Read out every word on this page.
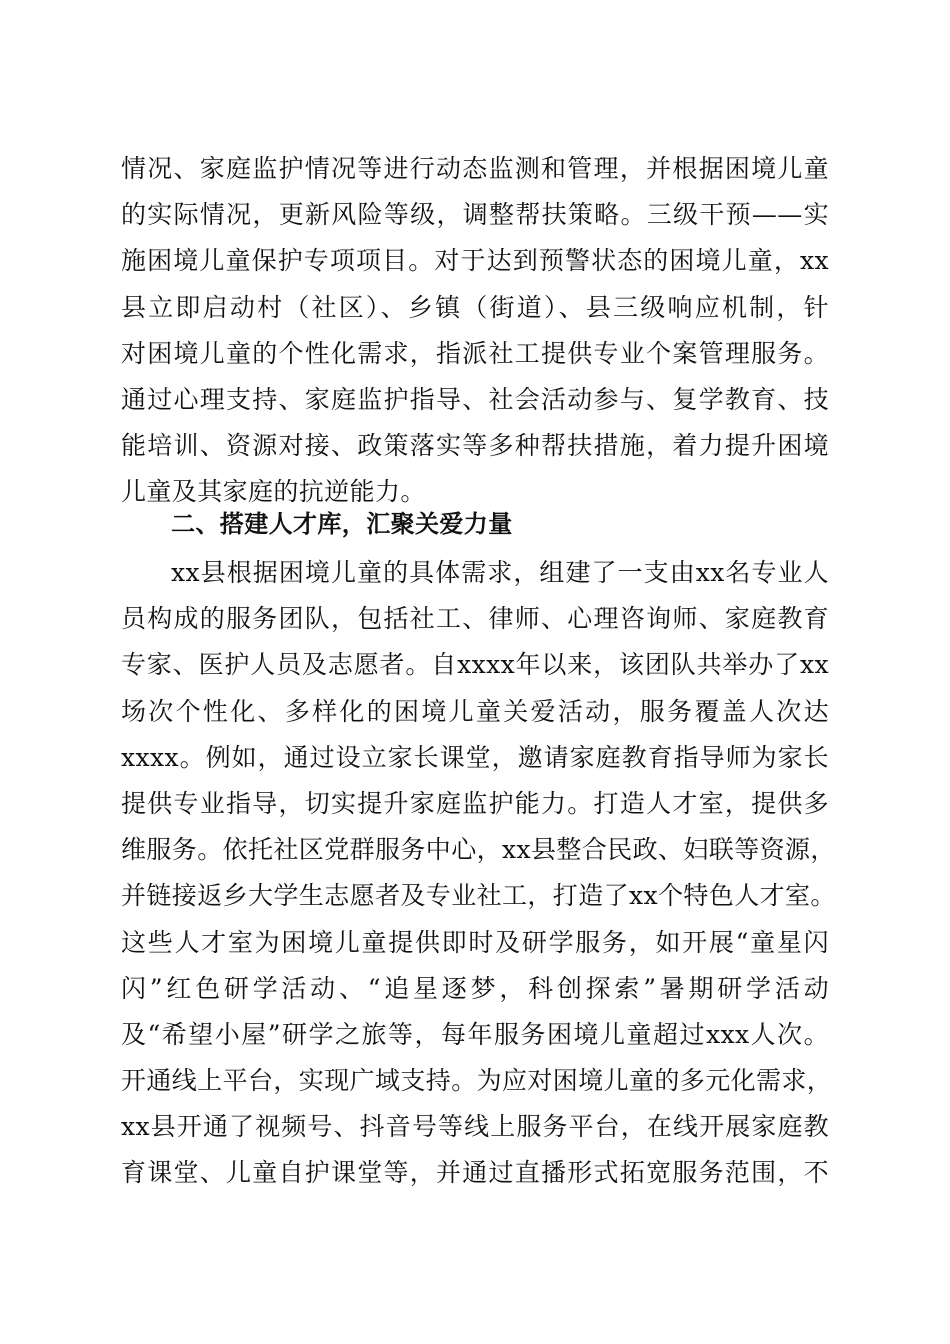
情况、家庭监护情况等进行动态监测和管理，并根据困境儿童
的实际情况，更新风险等级，调整帮扶策略。三级干预——实
施困境儿童保护专项项目。对于达到预警状态的困境儿童，xx
县立即启动村（社区）、乡镇（街道）、县三级响应机制，针
对困境儿童的个性化需求，指派社工提供专业个案管理服务。
通过心理支持、家庭监护指导、社会活动参与、复学教育、技
能培训、资源对接、政策落实等多种帮扶措施，着力提升困境
儿童及其家庭的抗逆能力。
二、搭建人才库，汇聚关爱力量
xx县根据困境儿童的具体需求，组建了一支由xx名专业人
员构成的服务团队，包括社工、律师、心理咨询师、家庭教育
专家、医护人员及志愿者。自xxxx年以来，该团队共举办了xx
场次个性化、多样化的困境儿童关爱活动，服务覆盖人次达
xxxx。例如，通过设立家长课堂，邀请家庭教育指导师为家长
提供专业指导，切实提升家庭监护能力。打造人才室，提供多
维服务。依托社区党群服务中心，xx县整合民政、妇联等资源，
并链接返乡大学生志愿者及专业社工，打造了xx个特色人才室。
这些人才室为困境儿童提供即时及研学服务，如开展“童星闪
闪”红色研学活动、“追星逐梦，科创探索”暑期研学活动
及“希望小屋”研学之旅等，每年服务困境儿童超过xxx人次。
开通线上平台，实现广域支持。为应对困境儿童的多元化需求，
xx县开通了视频号、抖音号等线上服务平台，在线开展家庭教
育课堂、儿童自护课堂等，并通过直播形式拓宽服务范围，不
